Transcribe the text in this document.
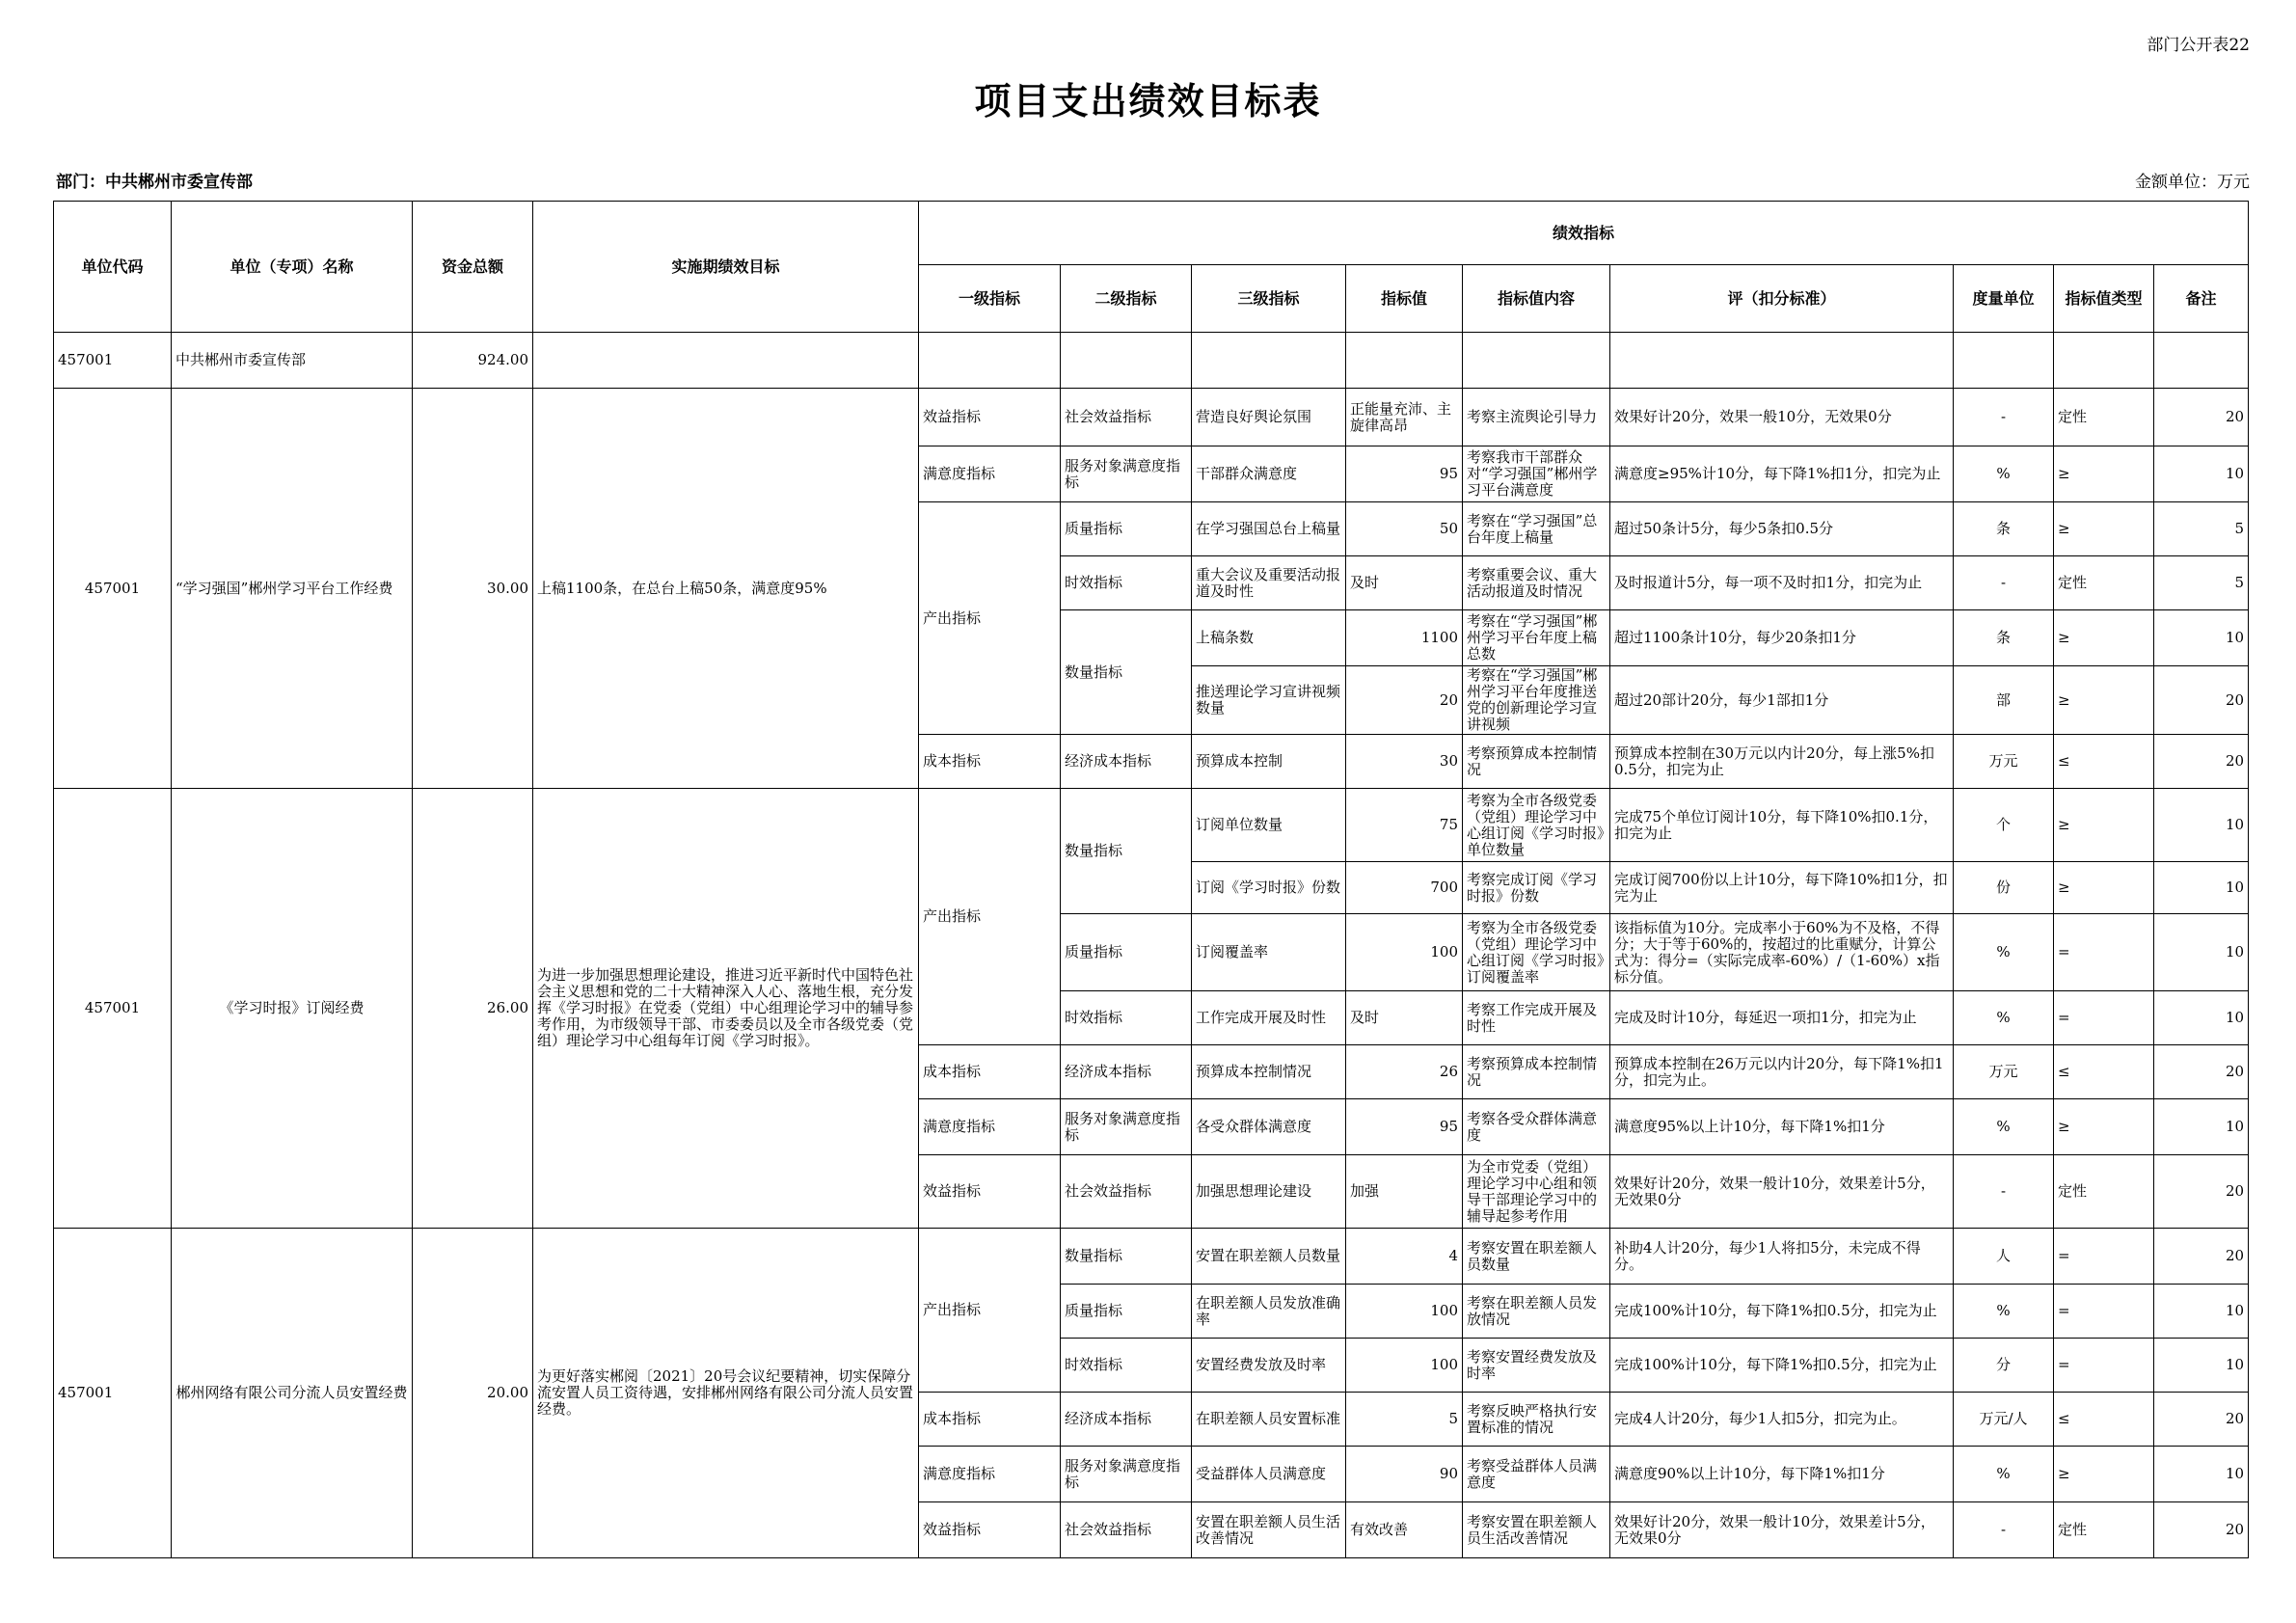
部门公开表22
项目支出绩效目标表
部门：中共郴州市委宣传部	金额单位：万元
单位代码	单位（专项）名称	资金总额	实施期绩效目标	绩效指标								
				一级指标	二级指标	三级指标	指标值	指标值内容	评（扣分标准）	度量单位	指标值类型	备注
457001	中共郴州市委宣传部	924.00										
457001	“学习强国”郴州学习平台工作经费	30.00	上稿1100条，在总台上稿50条，满意度95%	效益指标	社会效益指标	营造良好舆论氛围	正能量充沛、主旋律高昂	考察主流舆论引导力	效果好计20分，效果一般10分，无效果0分	-	定性	20
				满意度指标	服务对象满意度指标	干部群众满意度	95	考察我市干部群众对“学习强国”郴州学习平台满意度	满意度≥95%计10分，每下降1%扣1分，扣完为止	%	≥	10
				产出指标	质量指标	在学习强国总台上稿量	50	考察在“学习强国”总台年度上稿量	超过50条计5分，每少5条扣0.5分	条	≥	5
					时效指标	重大会议及重要活动报道及时性	及时	考察重要会议、重大活动报道及时情况	及时报道计5分，每一项不及时扣1分，扣完为止	-	定性	5
					数量指标	上稿条数	1100	考察在“学习强国”郴州学习平台年度上稿总数	超过1100条计10分，每少20条扣1分	条	≥	10
						推送理论学习宣讲视频数量	20	考察在“学习强国”郴州学习平台年度推送党的创新理论学习宣讲视频	超过20部计20分，每少1部扣1分	部	≥	20
				成本指标	经济成本指标	预算成本控制	30	考察预算成本控制情况	预算成本控制在30万元以内计20分，每上涨5%扣0.5分，扣完为止	万元	≤	20
457001	《学习时报》订阅经费	26.00	为进一步加强思想理论建设，推进习近平新时代中国特色社会主义思想和党的二十大精神深入人心、落地生根，充分发挥《学习时报》在党委（党组）中心组理论学习中的辅导参考作用，为市级领导干部、市委委员以及全市各级党委（党组）理论学习中心组每年订阅《学习时报》。	产出指标	数量指标	订阅单位数量	75	考察为全市各级党委（党组）理论学习中心组订阅《学习时报》单位数量	完成75个单位订阅计10分，每下降10%扣0.1分，扣完为止	个	≥	10
						订阅《学习时报》份数	700	考察完成订阅《学习时报》份数	完成订阅700份以上计10分，每下降10%扣1分，扣完为止	份	≥	10
					质量指标	订阅覆盖率	100	考察为全市各级党委（党组）理论学习中心组订阅《学习时报》订阅覆盖率	该指标值为10分。完成率小于60%为不及格，不得分；大于等于60%的，按超过的比重赋分，计算公式为：得分=（实际完成率-60%）/（1-60%）x指标分值。	%	=	10
					时效指标	工作完成开展及时性	及时	考察工作完成开展及时性	完成及时计10分，每延迟一项扣1分，扣完为止	%	=	10
				成本指标	经济成本指标	预算成本控制情况	26	考察预算成本控制情况	预算成本控制在26万元以内计20分，每下降1%扣1分，扣完为止。	万元	≤	20
				满意度指标	服务对象满意度指标	各受众群体满意度	95	考察各受众群体满意度	满意度95%以上计10分，每下降1%扣1分	%	≥	10
				效益指标	社会效益指标	加强思想理论建设	加强	为全市党委（党组）理论学习中心组和领导干部理论学习中的辅导起参考作用	效果好计20分，效果一般计10分，效果差计5分，无效果0分	-	定性	20
457001	郴州网络有限公司分流人员安置经费	20.00	为更好落实郴阅〔2021〕20号会议纪要精神，切实保障分流安置人员工资待遇，安排郴州网络有限公司分流人员安置经费。	产出指标	数量指标	安置在职差额人员数量	4	考察安置在职差额人员数量	补助4人计20分，每少1人将扣5分，未完成不得分。	人	=	20
					质量指标	在职差额人员发放准确率	100	考察在职差额人员发放情况	完成100%计10分，每下降1%扣0.5分，扣完为止	%	=	10
					时效指标	安置经费发放及时率	100	考察安置经费发放及时率	完成100%计10分，每下降1%扣0.5分，扣完为止	分	=	10
				成本指标	经济成本指标	在职差额人员安置标准	5	考察反映严格执行安置标准的情况	完成4人计20分，每少1人扣5分，扣完为止。	万元/人	≤	20
				满意度指标	服务对象满意度指标	受益群体人员满意度	90	考察受益群体人员满意度	满意度90%以上计10分，每下降1%扣1分	%	≥	10
				效益指标	社会效益指标	安置在职差额人员生活改善情况	有效改善	考察安置在职差额人员生活改善情况	效果好计20分，效果一般计10分，效果差计5分，无效果0分	-	定性	20
